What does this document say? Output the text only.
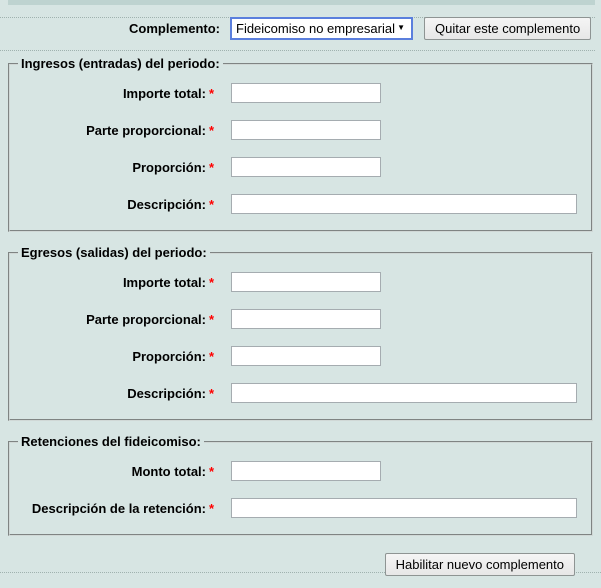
Complemento: Fideicomiso no empresarial ▼	Quitar este complemento
Ingresos (entradas) del periodo:
Importe total: *
Parte proporcional: *
Proporción: *
Descripción: *
Egresos (salidas) del periodo:
Importe total: *
Parte proporcional: *
Proporción: *
Descripción: *
Retenciones del fideicomiso:
Monto total: *
Descripción de la retención: *
Habilitar nuevo complemento
